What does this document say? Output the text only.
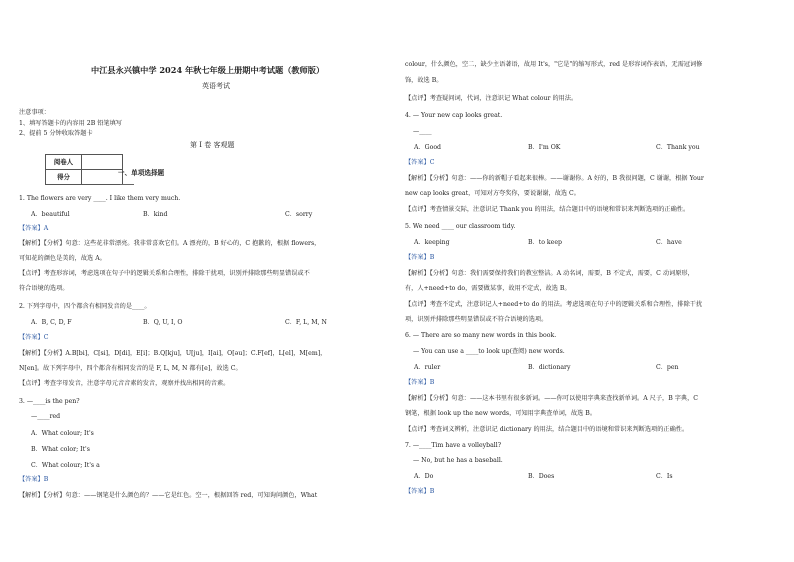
中江县永兴镇中学 2024 年秋七年级上册期中考试题（教师版）
英语考试
注意事项：
1、填写答题卡的内容用 2B 铅笔填写
2、提前 5 分钟收取答题卡
第 I 卷 客观题
阅卷人	
得分		一、单项选择题
1. The flowers are very ____. I like them very much.
A．beautiful	B．kind	C．sorry
【答案】A
【解析】【分析】句意：这些花非常漂亮。我非常喜欢它们。A 漂亮的，B 好心的，C 抱歉的，根据 flowers，
可知花的颜色是美的，故选 A。
【点评】考查形容词，考虑选项在句子中的逻辑关系和合理性，排除干扰项，识别并排除那些明显错误或不
符合语境的选项。
2. 下列字母中，四个都含有相同发音的是____。
A．B, C, D, F	B．Q, U, I, O	C．F, L, M, N
【答案】C
【解析】【分析】A.B[bi]，C[si]，D[di]，E[i]；B.Q[kju]，U[ju]，I[ai]，O[əu]；C.F[ef]，L[el]，M[em]，
N[en]。故下列字母中，四个都含有相同发音的是 F, L, M, N 都有[e]，故选 C。
【点评】考查字母发音，注意字母元音音素的发音，观察并找出相同的音素。
3. —____is the pen?
—____red
A．What colour; It's
B．What color; It's
C．What colour; It's a
【答案】B
【解析】【分析】句意：——钢笔是什么颜色的？——它是红色。空一，根据回答 red，可知询问颜色，What
colour，什么颜色，空二，缺少主语著语，故用 It's，"它是"的缩写形式，red 是形容词作表语，无需冠词修
饰，故选 B。
【点评】考查疑问词，代词，注意识记 What colour 的用法。
4. — Your new cap looks great.
—____
A．Good	B．I'm OK	C．Thank you
【答案】C
【解析】【分析】句意：——你的新帽子看起来很棒。——谢谢你。A 好的，B 我很问题，C 谢谢，根据 Your
new cap looks great，可知对方夸奖你，要说谢谢，故选 C。
【点评】考查情景交际，注意识记 Thank you 的用法，结合题目中的语境和常识来判断选项的正确性。
5. We need ____ our classroom tidy.
A．keeping	B．to keep	C．have
【答案】B
【解析】【分析】句意：我们需要保持我们的教室整洁。A 动名词，需要，B 不定式，需要，C 动词原形，
有，人+need+to do，需要做某事，故用不定式，故选 B。
【点评】考查不定式，注意识记人+need+to do 的用法。考虑选项在句子中的逻辑关系和合理性，排除干扰
项，识别并排除那些明显错误或不符合语境的选项。
6. — There are so many new words in this book.
— You can use a ____to look up(查阅) new words.
A．ruler	B．dictionary	C．pen
【答案】B
【解析】【分析】句意：——这本书里有很多新词。——你可以使用字典来查找新单词。A 尺子，B 字典，C
钢笔，根据 look up the new words，可知用字典查单词，故选 B。
【点评】考查词义辨析，注意识记 dictionary 的用法，结合题目中的语境和常识来判断选项的正确性。
7. —____Tim have a volleyball?
— No, but he has a baseball.
A．Do	B．Does	C．Is
【答案】B
